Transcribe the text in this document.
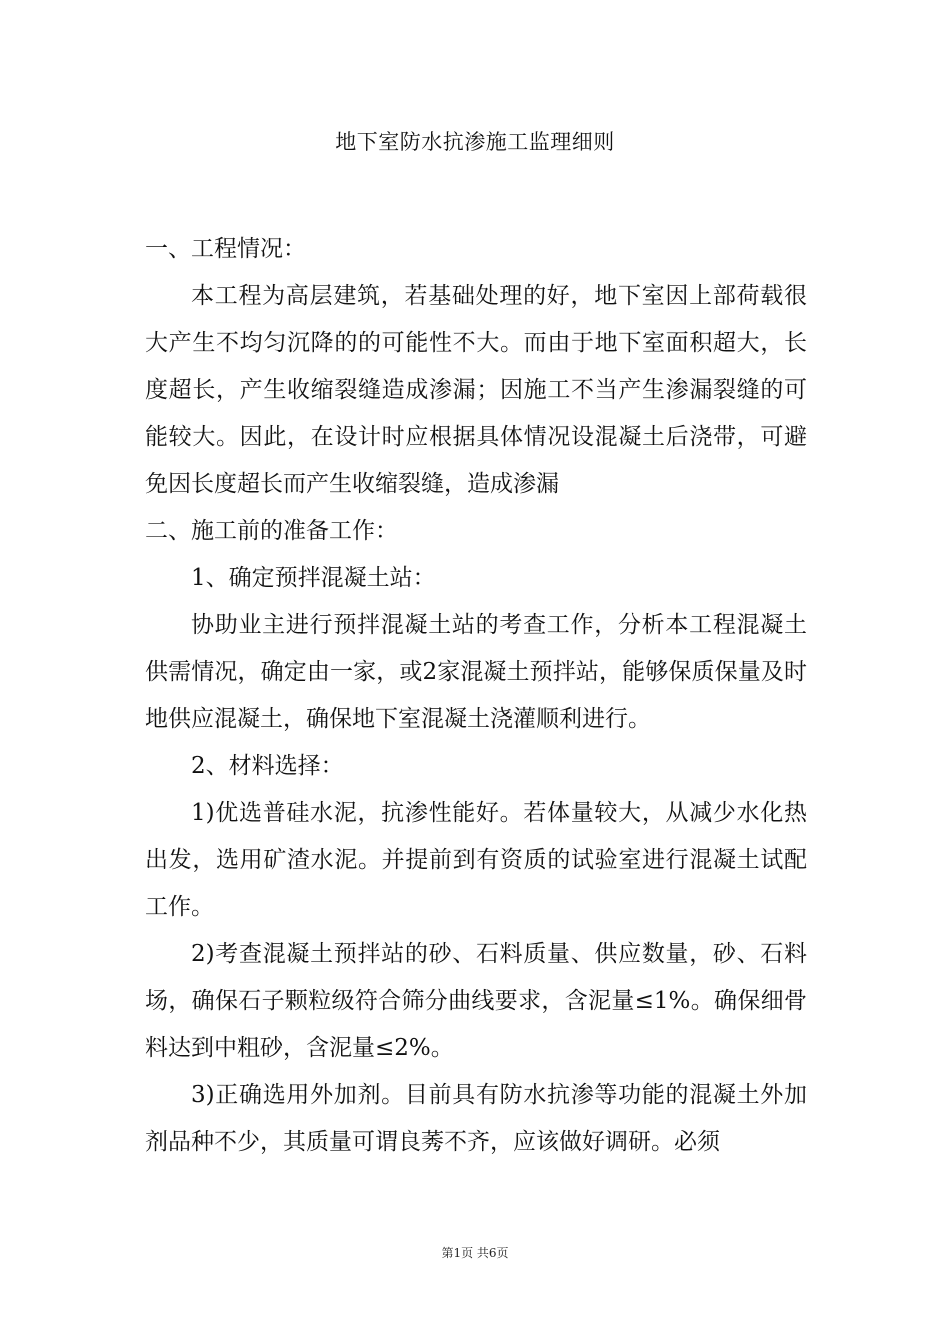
地下室防水抗渗施工监理细则

一、工程情况：

本工程为高层建筑，若基础处理的好，地下室因上部荷载很大产生不均匀沉降的的可能性不大。而由于地下室面积超大，长度超长，产生收缩裂缝造成渗漏；因施工不当产生渗漏裂缝的可能较大。因此，在设计时应根据具体情况设混凝土后浇带，可避免因长度超长而产生收缩裂缝，造成渗漏

二、施工前的准备工作：

1、确定预拌混凝土站：

协助业主进行预拌混凝土站的考查工作，分析本工程混凝土供需情况，确定由一家，或2家混凝土预拌站，能够保质保量及时地供应混凝土，确保地下室混凝土浇灌顺利进行。

2、材料选择：

1)优选普硅水泥，抗渗性能好。若体量较大，从减少水化热出发，选用矿渣水泥。并提前到有资质的试验室进行混凝土试配工作。

2)考查混凝土预拌站的砂、石料质量、供应数量，砂、石料场，确保石子颗粒级符合筛分曲线要求，含泥量≤1%。确保细骨料达到中粗砂，含泥量≤2%。

3)正确选用外加剂。目前具有防水抗渗等功能的混凝土外加剂品种不少，其质量可谓良莠不齐，应该做好调研。必须

第1页 共6页
